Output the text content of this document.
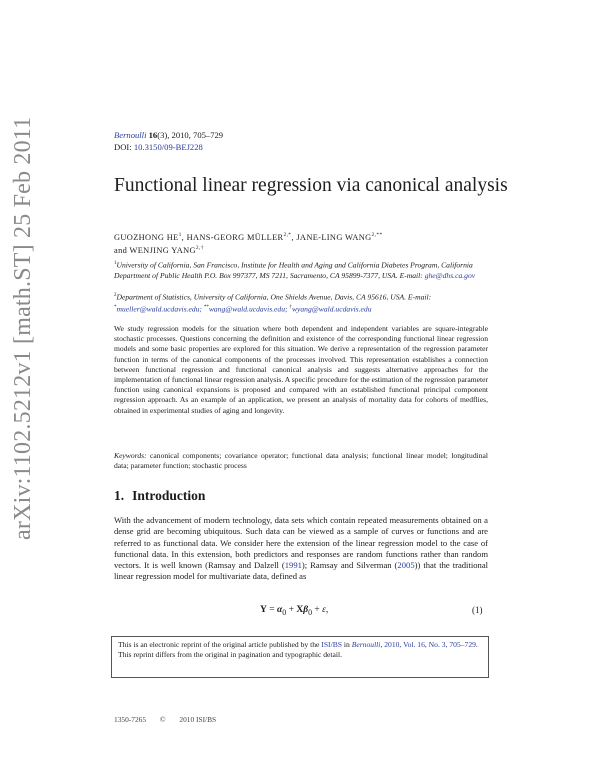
arXiv:1102.5212v1 [math.ST] 25 Feb 2011	Bernoulli 16(3), 2010, 705–729
DOI: 10.3150/09-BEJ228
Functional linear regression via canonical analysis
GUOZHONG $HE^1$, HANS-GEORG $MÜLLER^{2,*}$, JANE-LING $WANG^{2,**}$
and WENJING $YANG^{2,\dagger}$
$^1$University of California, San Francisco, Institute for Health and Aging and California Diabetes Program, California Department of Public Health P.O. Box 997377, MS 7211, Sacramento, CA 95899-7377, USA. E-mail: ghe@dhs.ca.gov
$^2$Department of Statistics, University of California, One Shields Avenue, Davis, CA 95616, USA. E-mail: *mueller@wald.ucdavis.edu; **wang@wald.ucdavis.edu; †wyang@wald.ucdavis.edu
We study regression models for the situation where both dependent and independent variables are square-integrable stochastic processes. Questions concerning the definition and existence of the corresponding functional linear regression models and some basic properties are explored for this situation. We derive a representation of the regression parameter function in terms of the canonical components of the processes involved. This representation establishes a connection between functional regression and functional canonical analysis and suggests alternative approaches for the implementation of functional linear regression analysis. A specific procedure for the estimation of the regression parameter function using canonical expansions is proposed and compared with an established functional principal component regression approach. As an example of an application, we present an analysis of mortality data for cohorts of medflies, obtained in experimental studies of aging and longevity.
Keywords: canonical components; covariance operator; functional data analysis; functional linear model; longitudinal data; parameter function; stochastic process
1. Introduction
With the advancement of modern technology, data sets which contain repeated measurements obtained on a dense grid are becoming ubiquitous. Such data can be viewed as a sample of curves or functions and are referred to as functional data. We consider here the extension of the linear regression model to the case of functional data. In this extension, both predictors and responses are random functions rather than random vectors. It is well known (Ramsay and Dalzell (1991); Ramsay and Silverman (2005)) that the traditional linear regression model for multivariate data, defined as
$Y = \alpha_0 + X\beta_0 + \varepsilon$,	(1)
This is an electronic reprint of the original article published by the ISI/BS in Bernoulli, 2010, Vol. 16, No. 3, 705–729. This reprint differs from the original in pagination and typographic detail.
1350-7265 © 2010 ISI/BS
